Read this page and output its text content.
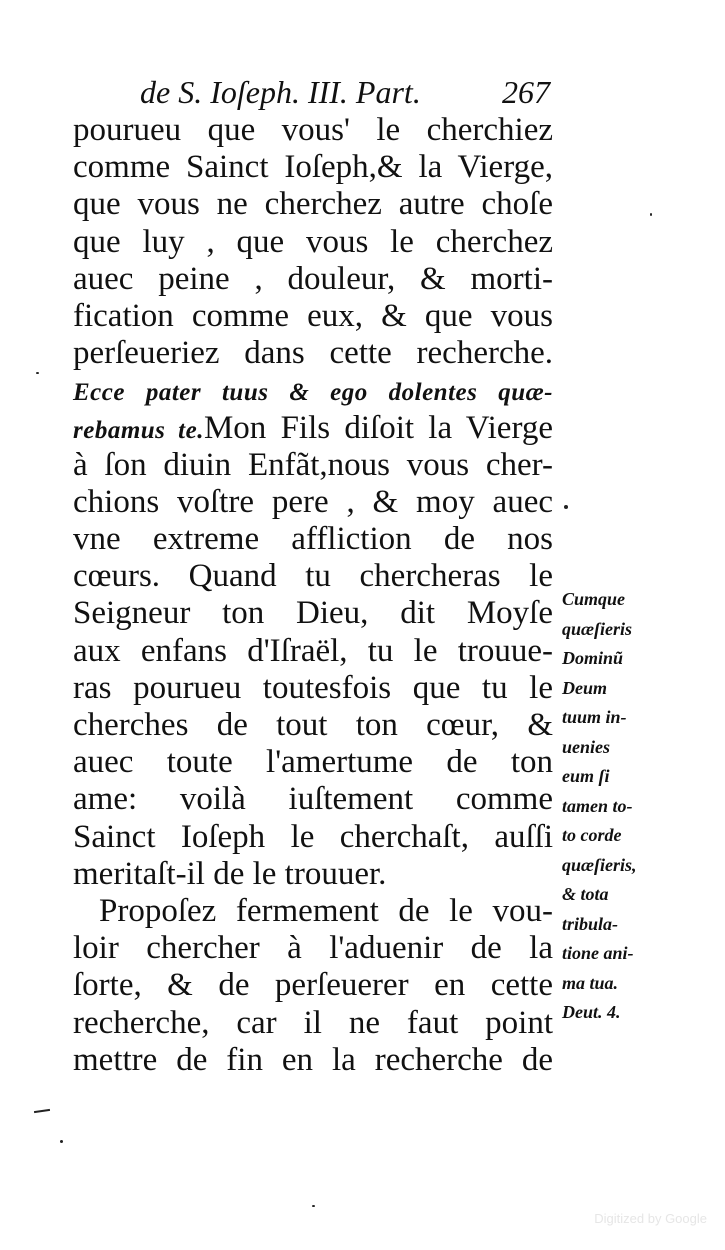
de S. Ioſeph. III. Part.	267
pourueu que vous' le cherchiez
comme Sainct Ioſeph,& la Vierge,
que vous ne cherchez autre choſe
que luy , que vous le cherchez
auec peine , douleur, & morti-
fication comme eux, & que vous
perſeueriez dans cette recherche.
Ecce pater tuus & ego dolentes quæ-
rebamus te.Mon Fils diſoit la Vierge
à ſon diuin Enfãt,nous vous cher-
chions voſtre pere , & moy auec
vne extreme affliction de nos
cœurs. Quand tu chercheras le
Seigneur ton Dieu, dit Moyſe
aux enfans d'Iſraël, tu le trouue-
ras pourueu toutesfois que tu le
cherches de tout ton cœur, &
auec toute l'amertume de ton
ame: voilà iuſtement comme
Sainct Ioſeph le cherchaſt, auſſi
meritaſt-il de le trouuer.
Propoſez fermement de le vou-
loir chercher à l'aduenir de la
ſorte, & de perſeuerer en cette
recherche, car il ne faut point
mettre de fin en la recherche de
Cumque
quæſieris
Dominũ
Deum
tuum in-
uenies
eum ſi
tamen to-
to corde
quæſieris,
& tota
tribula-
tione ani-
ma tua.
Deut. 4.
Digitized by Google
